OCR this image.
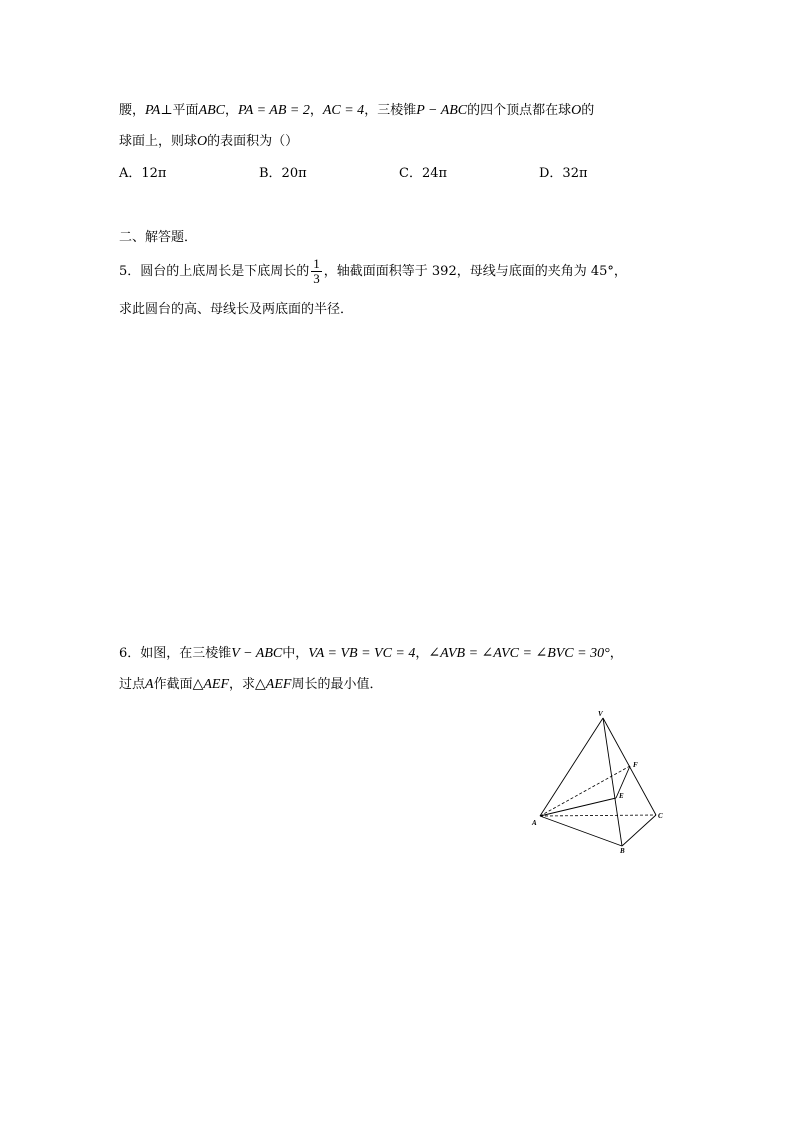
腰，PA⊥平面ABC，PA = AB = 2，AC = 4，三棱锥P − ABC的四个顶点都在球O的
球面上，则球O的表面积为（）
A．12π	B．20π	C．24π	D．32π
二、解答题．
5．圆台的上底周长是下底周长的 $\frac{1}{3}$ ，轴截面面积等于 392，母线与底面的夹角为 45°，
求此圆台的高、母线长及两底面的半径．
6．如图，在三棱锥V − ABC中，VA = VB = VC = 4，∠AVB = ∠AVC = ∠BVC = 30°，
过点A作截面△AEF，求△AEF周长的最小值．
V
F
E
A
C
B
